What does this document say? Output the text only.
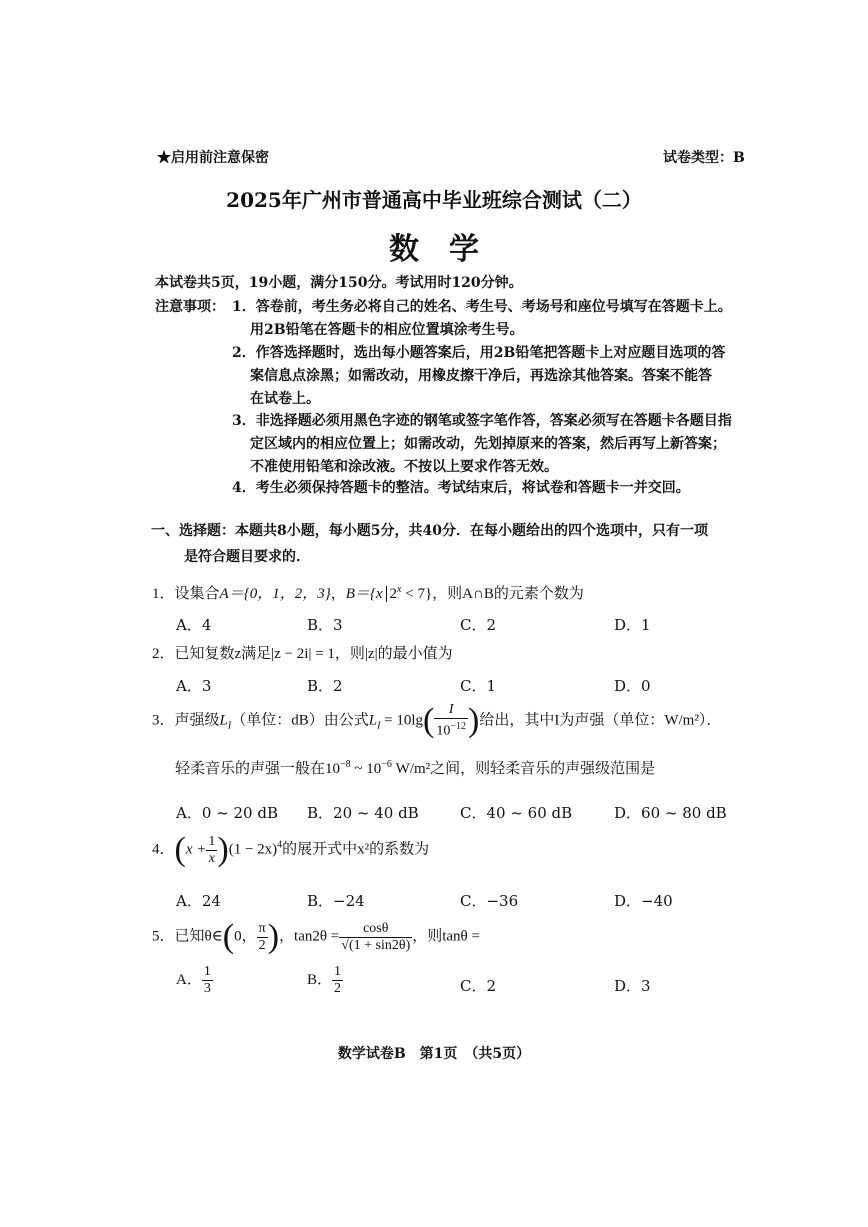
★启用前注意保密	试卷类型：B
2025年广州市普通高中毕业班综合测试（二）
数　学
本试卷共5页，19小题，满分150分。考试用时120分钟。
注意事项： 1．答卷前，考生务必将自己的姓名、考生号、考场号和座位号填写在答题卡上。
用2B铅笔在答题卡的相应位置填涂考生号。
2．作答选择题时，选出每小题答案后，用2B铅笔把答题卡上对应题目选项的答
案信息点涂黑；如需改动，用橡皮擦干净后，再选涂其他答案。答案不能答
在试卷上。
3．非选择题必须用黑色字迹的钢笔或签字笔作答，答案必须写在答题卡各题目指
定区域内的相应位置上；如需改动，先划掉原来的答案，然后再写上新答案；
不准使用铅笔和涂改液。不按以上要求作答无效。
4．考生必须保持答题卡的整洁。考试结束后，将试卷和答题卡一并交回。
一、选择题：本题共8小题，每小题5分，共40分．在每小题给出的四个选项中，只有一项
是符合题目要求的．
1．设集合A＝{0，1，2，3}，B＝{x $2^x < 7$}，则A∩B的元素个数为
A．4	B．3	C．2	D．1
2．已知复数z满足|z − 2i| = 1，则|z|的最小值为
A．3	B．2	C．1	D．0
3．声强级$L_I$（单位：dB）由公式$L_I = 10\lg( \frac{I}{10^{-12}}$ )给出，其中I为声强（单位：W/m²）．
轻柔音乐的声强一般在$10^{-8}$ ~ $10^{-6}$ W/m²之间，则轻柔音乐的声强级范围是
A．0 ~ 20 dB B．20 ~ 40 dB	C．40 ~ 60 dB	D．60 ~ 80 dB
4．$(x + \frac{1}{x} )(1 - 2x)^4$的展开式中x²的系数为
A．24	B．−24	C．−36	D．−40
5．已知θ∈(0， $\frac{\pi}{2}$ )，$\tan 2\theta = \frac{\cos\theta}{√(1 + \sin 2\theta)}$ ，则tanθ =
A． $\frac{1}{3}$	B． $\frac{1}{2}$	C．2	D．3
数学试卷B　第1页　（共5页）
